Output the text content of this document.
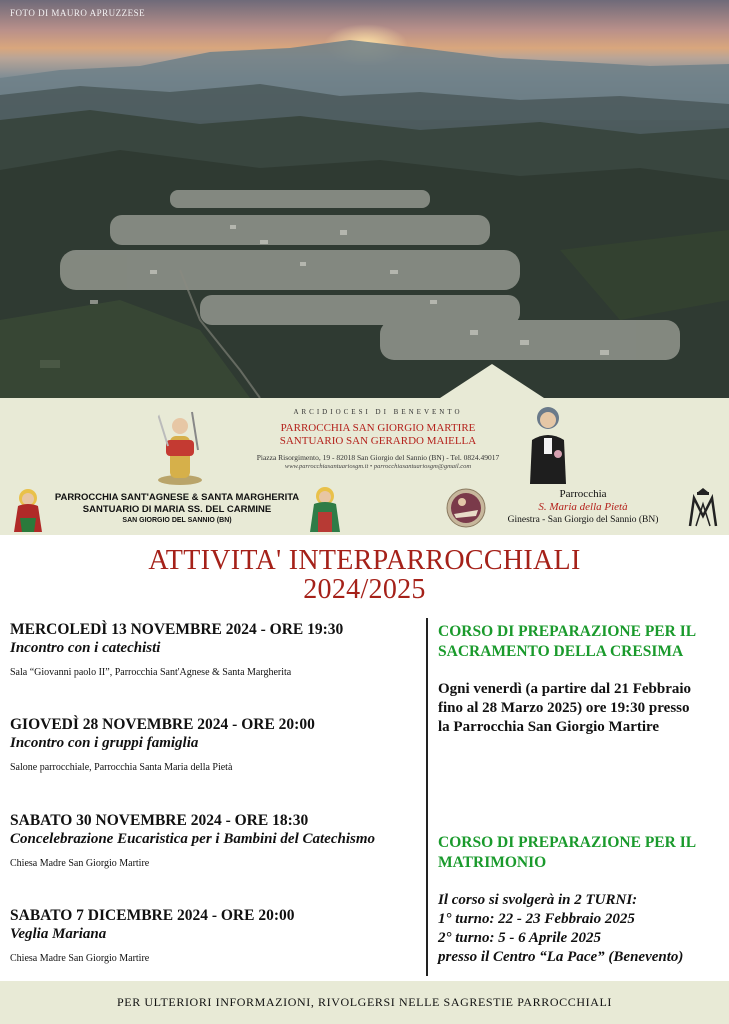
FOTO DI MAURO APRUZZESE
ARCIDIOCESI DI BENEVENTO
PARROCCHIA SAN GIORGIO MARTIRE
SANTUARIO SAN GERARDO MAIELLA
Piazza Risorgimento, 19 - 82018 San Giorgio del Sannio (BN) - Tel. 0824.49017
www.parrocchiasantuariosgm.it • parrocchiasantuariosgm@gmail.com
PARROCCHIA SANT'AGNESE & SANTA MARGHERITA
SANTUARIO DI MARIA SS. DEL CARMINE
SAN GIORGIO DEL SANNIO (BN)
Parrocchia
S. Maria della Pietà
Ginestra - San Giorgio del Sannio (BN)
ATTIVITA' INTERPARROCCHIALI
2024/2025
MERCOLEDÌ 13 NOVEMBRE 2024 - ORE 19:30
Incontro con i catechisti
Sala “Giovanni paolo II”, Parrocchia Sant'Agnese & Santa Margherita
GIOVEDÌ 28 NOVEMBRE 2024 - ORE 20:00
Incontro con i gruppi famiglia
Salone parrocchiale, Parrocchia Santa Maria della Pietà
SABATO 30 NOVEMBRE 2024 - ORE 18:30
Concelebrazione Eucaristica per i Bambini del Catechismo
Chiesa Madre San Giorgio Martire
SABATO 7 DICEMBRE 2024 - ORE 20:00
Veglia Mariana
Chiesa Madre San Giorgio Martire
CORSO DI PREPARAZIONE PER IL
SACRAMENTO DELLA CRESIMA
Ogni venerdì (a partire dal 21 Febbraio
fino al 28 Marzo 2025) ore 19:30 presso
la Parrocchia San Giorgio Martire
CORSO DI PREPARAZIONE PER IL
MATRIMONIO
Il corso si svolgerà in 2 TURNI:
1° turno: 22 - 23 Febbraio 2025
2° turno: 5 - 6 Aprile 2025
presso il Centro “La Pace” (Benevento)
PER ULTERIORI INFORMAZIONI, RIVOLGERSI NELLE SAGRESTIE PARROCCHIALI
